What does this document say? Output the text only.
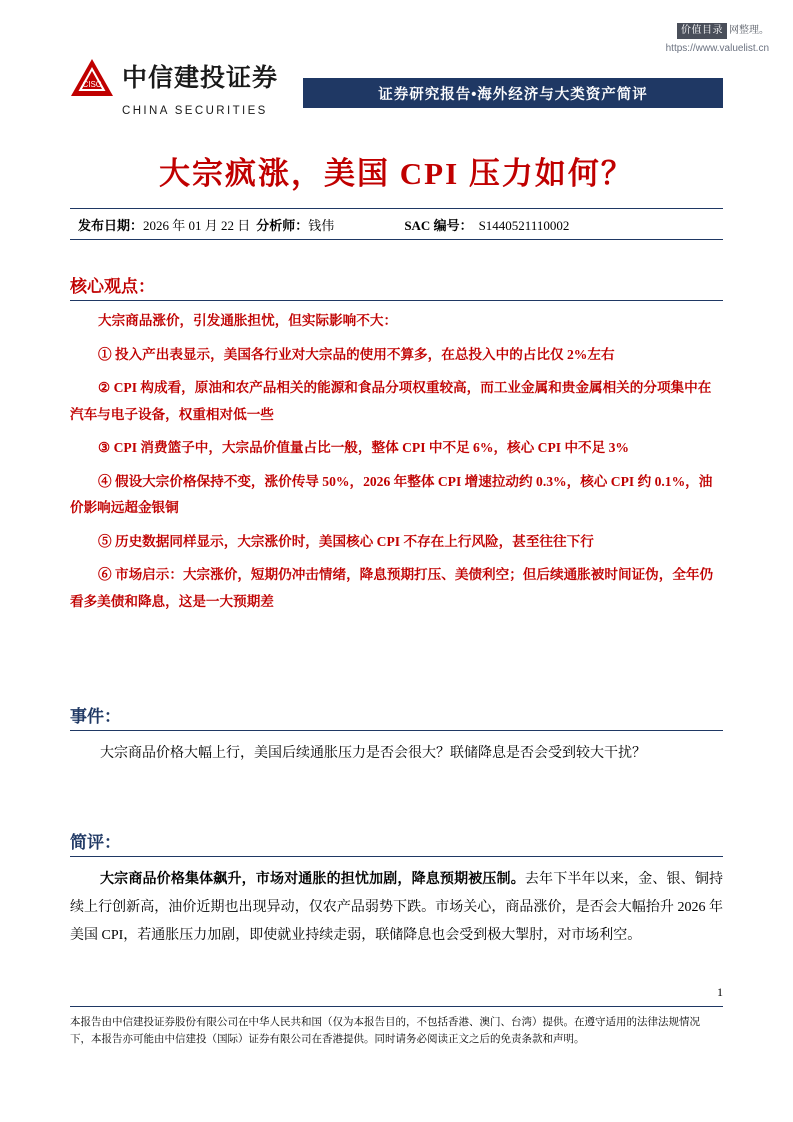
价值目录 网整理。
https://www.valuelist.cn
CISC 中信建投证券
CHINA SECURITIES
证券研究报告•海外经济与大类资产简评
大宗疯涨，美国 CPI 压力如何？
发布日期：2026 年 01 月 22 日 分析师：钱伟	SAC 编号： S1440521110002
核心观点：

大宗商品涨价，引发通胀担忧，但实际影响不大：

① 投入产出表显示，美国各行业对大宗品的使用不算多，在总投入中的占比仅 2%左右

② CPI 构成看，原油和农产品相关的能源和食品分项权重较高，而工业金属和贵金属相关的分项集中在汽车与电子设备，权重相对低一些

③ CPI 消费篮子中，大宗品价值量占比一般，整体 CPI 中不足 6%，核心 CPI 中不足 3%

④ 假设大宗价格保持不变，涨价传导 50%，2026 年整体 CPI 增速拉动约 0.3%，核心 CPI 约 0.1%，油价影响远超金银铜

⑤ 历史数据同样显示，大宗涨价时，美国核心 CPI 不存在上行风险，甚至往往下行

⑥ 市场启示：大宗涨价，短期仍冲击情绪，降息预期打压、美债利空；但后续通胀被时间证伪，全年仍看多美债和降息，这是一大预期差

事件：

大宗商品价格大幅上行，美国后续通胀压力是否会很大？联储降息是否会受到较大干扰？

简评：

大宗商品价格集体飙升，市场对通胀的担忧加剧，降息预期被压制。去年下半年以来，金、银、铜持续上行创新高，油价近期也出现异动，仅农产品弱势下跌。市场关心，商品涨价，是否会大幅抬升 2026 年美国 CPI，若通胀压力加剧，即使就业持续走弱，联储降息也会受到极大掣肘，对市场利空。

1

本报告由中信建投证券股份有限公司在中华人民共和国（仅为本报告目的，不包括香港、澳门、台湾）提供。在遵守适用的法律法规情况

下，本报告亦可能由中信建投（国际）证券有限公司在香港提供。同时请务必阅读正文之后的免责条款和声明。
